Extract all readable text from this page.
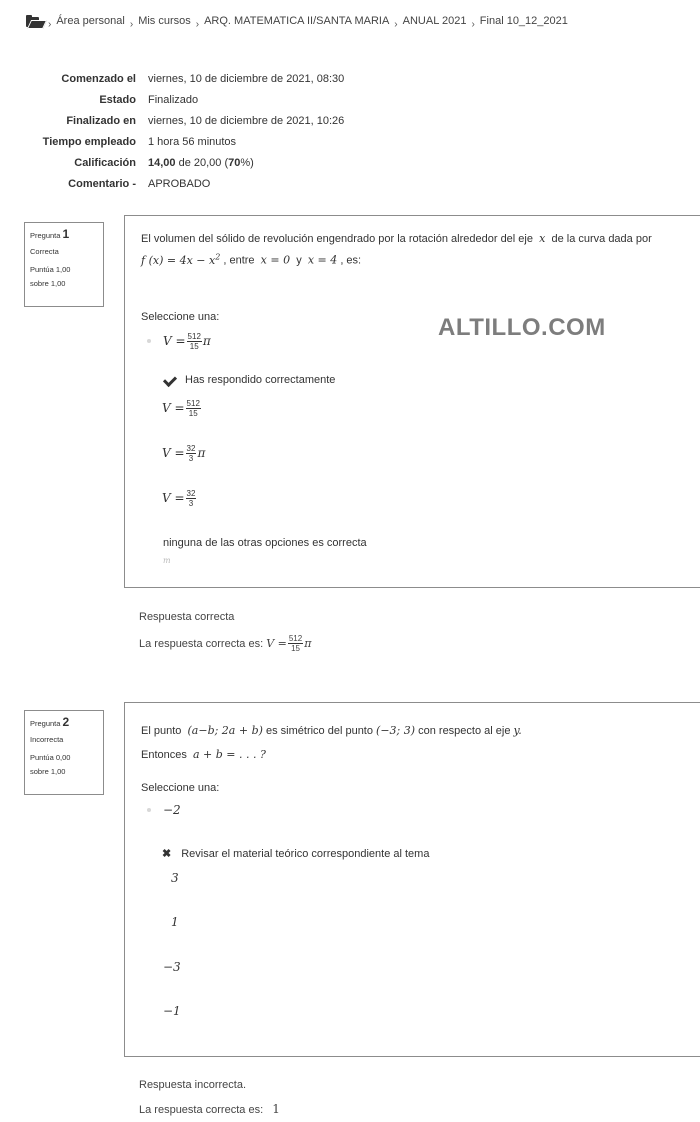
› Área personal › Mis cursos › ARQ. MATEMATICA II/SANTA MARIA › ANUAL 2021 › Final 10_12_2021
Comenzado el	viernes, 10 de diciembre de 2021, 08:30
Estado	Finalizado
Finalizado en	viernes, 10 de diciembre de 2021, 10:26
Tiempo empleado	1 hora 56 minutos
Calificación	14,00 de 20,00 (70%)
Comentario -	APROBADO
Pregunta 1
Correcta
Puntúa 1,00
sobre 1,00
El volumen del sólido de revolución engendrado por la rotación alrededor del eje x de la curva dada por
f $(x) = 4x - x^2$ , entre x = 0 y x = 4 , es:
Seleccione una:
$V = \frac{512}{15}$ π
Has respondido correctamente
$V = \frac{512}{15}$
$V = \frac{32}{3}$ π
$V = \frac{32}{3}$
ninguna de las otras opciones es correcta
m
ALTILLO.COM
Respuesta correcta
La respuesta correcta es:
$V = \frac{512}{15}$ π
Pregunta 2
Incorrecta
Puntúa 0,00
sobre 1,00
El punto (a−b; 2a + b) es simétrico del punto (−3; 3) con respecto al eje y.
Entonces a + b = . . . ?
Seleccione una:
−2
✖ Revisar el material teórico correspondiente al tema
3
1
−3
−1
Respuesta incorrecta.
La respuesta correcta es: 1
